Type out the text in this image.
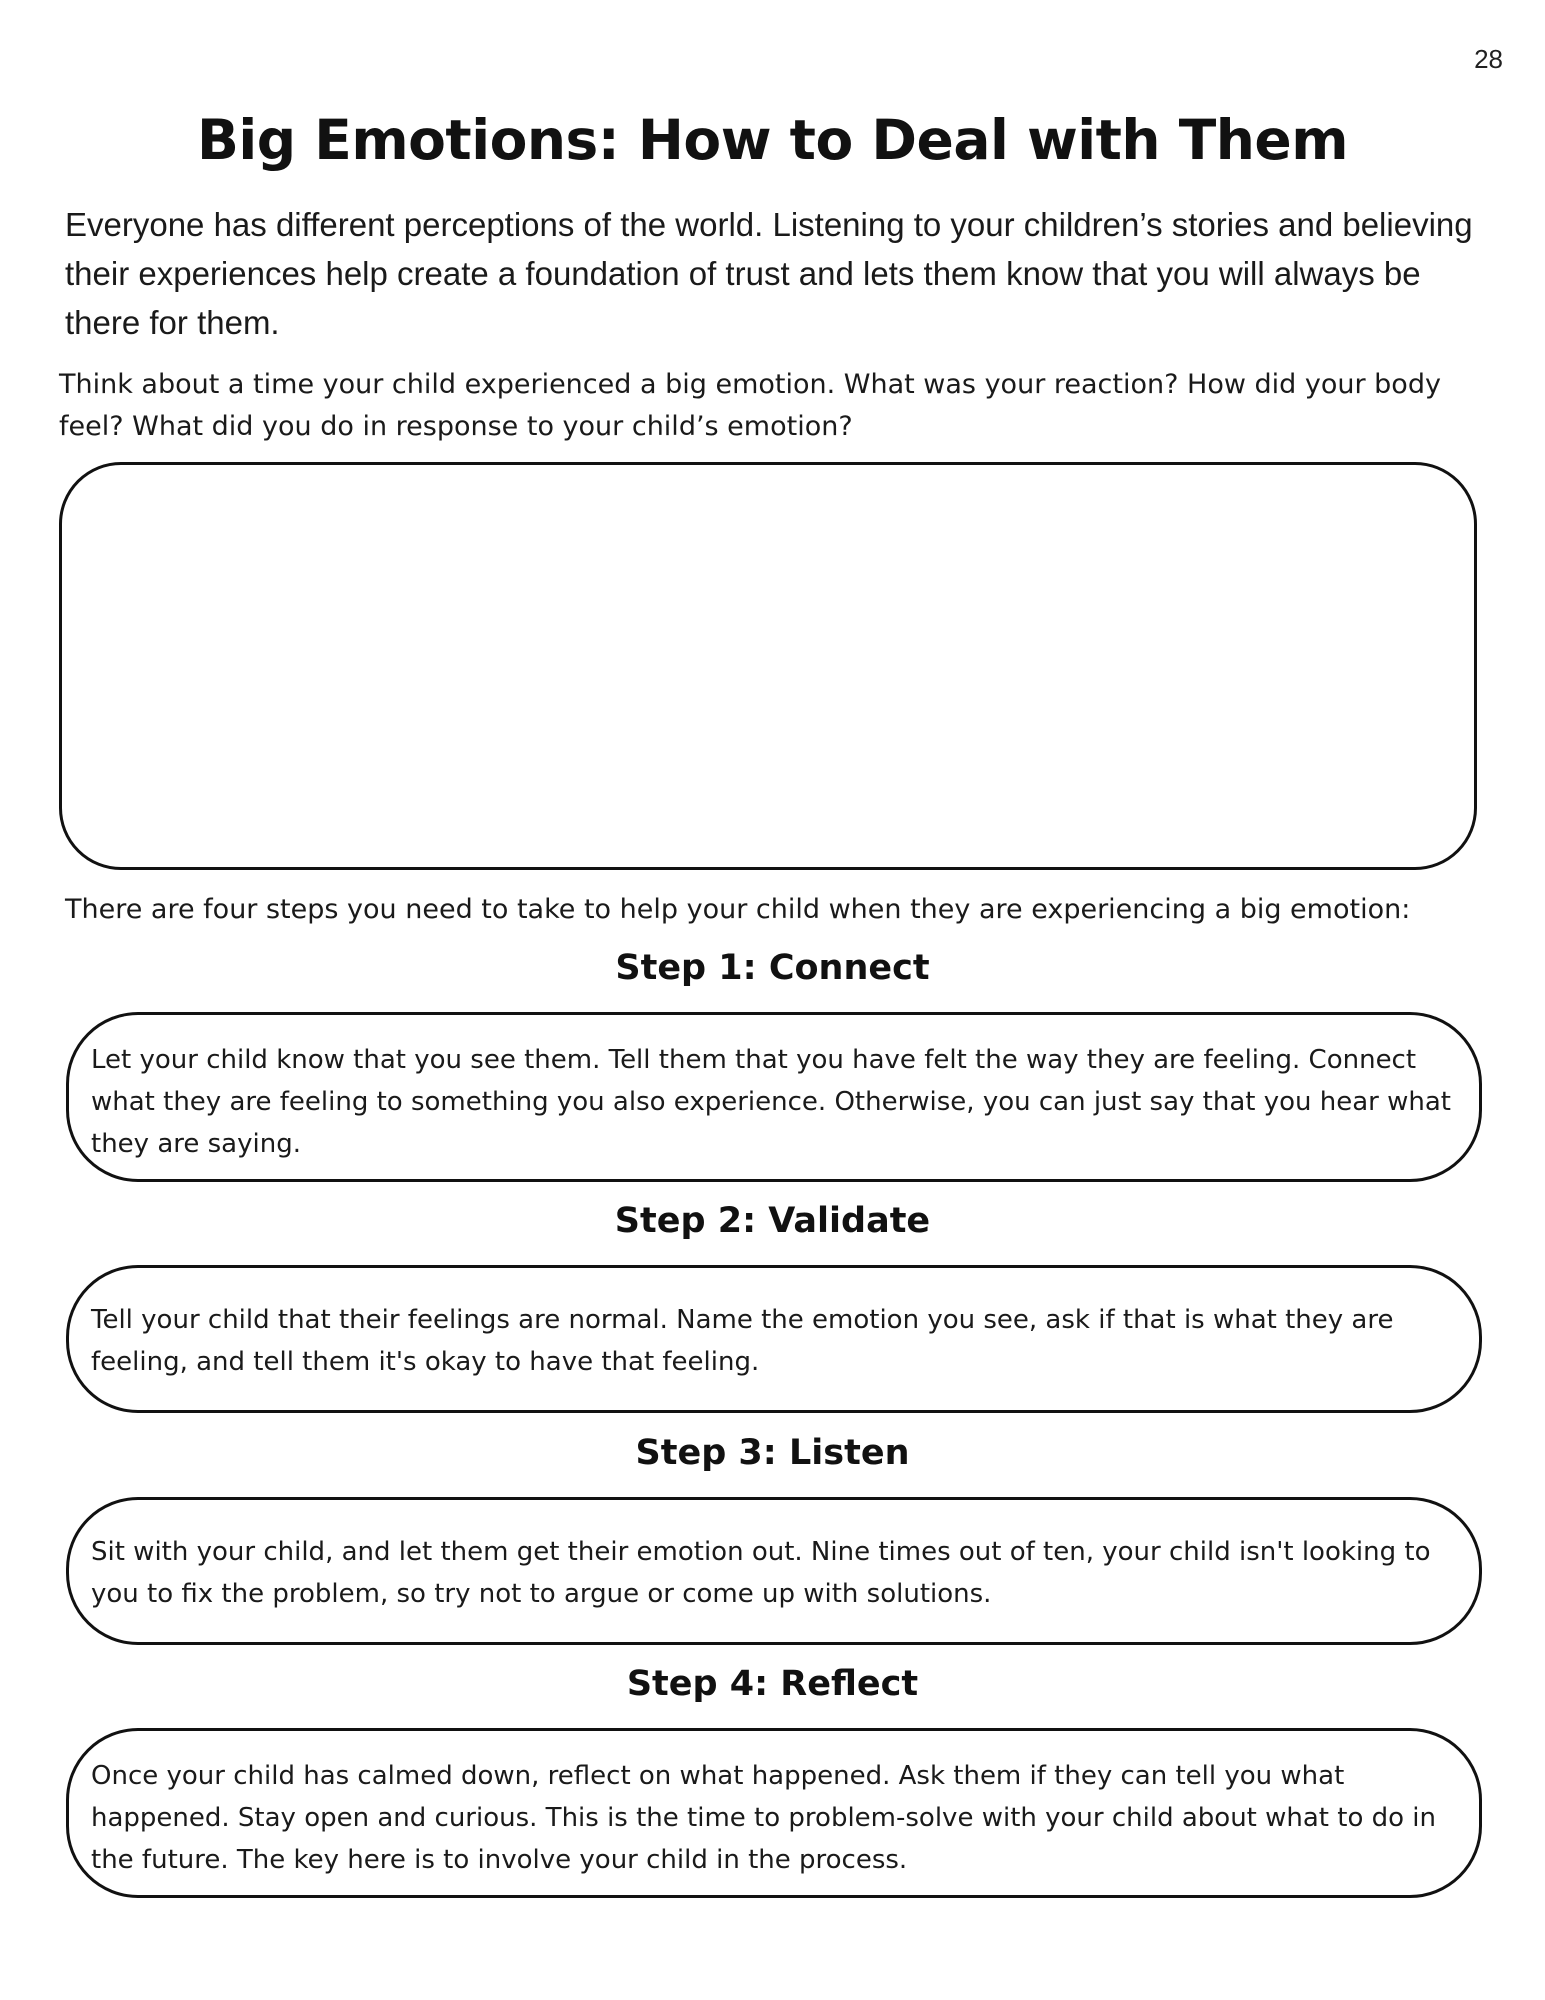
28
Big Emotions: How to Deal with Them

Everyone has different perceptions of the world. Listening to your children’s stories and believing their experiences help create a foundation of trust and lets them know that you will always be there for them.

Think about a time your child experienced a big emotion. What was your reaction? How did your body feel? What did you do in response to your child’s emotion?

There are four steps you need to take to help your child when they are experiencing a big emotion:

Step 1: Connect

Let your child know that you see them. Tell them that you have felt the way they are feeling. Connect what they are feeling to something you also experience. Otherwise, you can just say that you hear what they are saying.

Step 2: Validate

Tell your child that their feelings are normal. Name the emotion you see, ask if that is what they are feeling, and tell them it's okay to have that feeling.

Step 3: Listen

Sit with your child, and let them get their emotion out. Nine times out of ten, your child isn't looking to you to fix the problem, so try not to argue or come up with solutions.

Step 4: Reflect

Once your child has calmed down, reflect on what happened. Ask them if they can tell you what happened. Stay open and curious. This is the time to problem-solve with your child about what to do in the future. The key here is to involve your child in the process.
